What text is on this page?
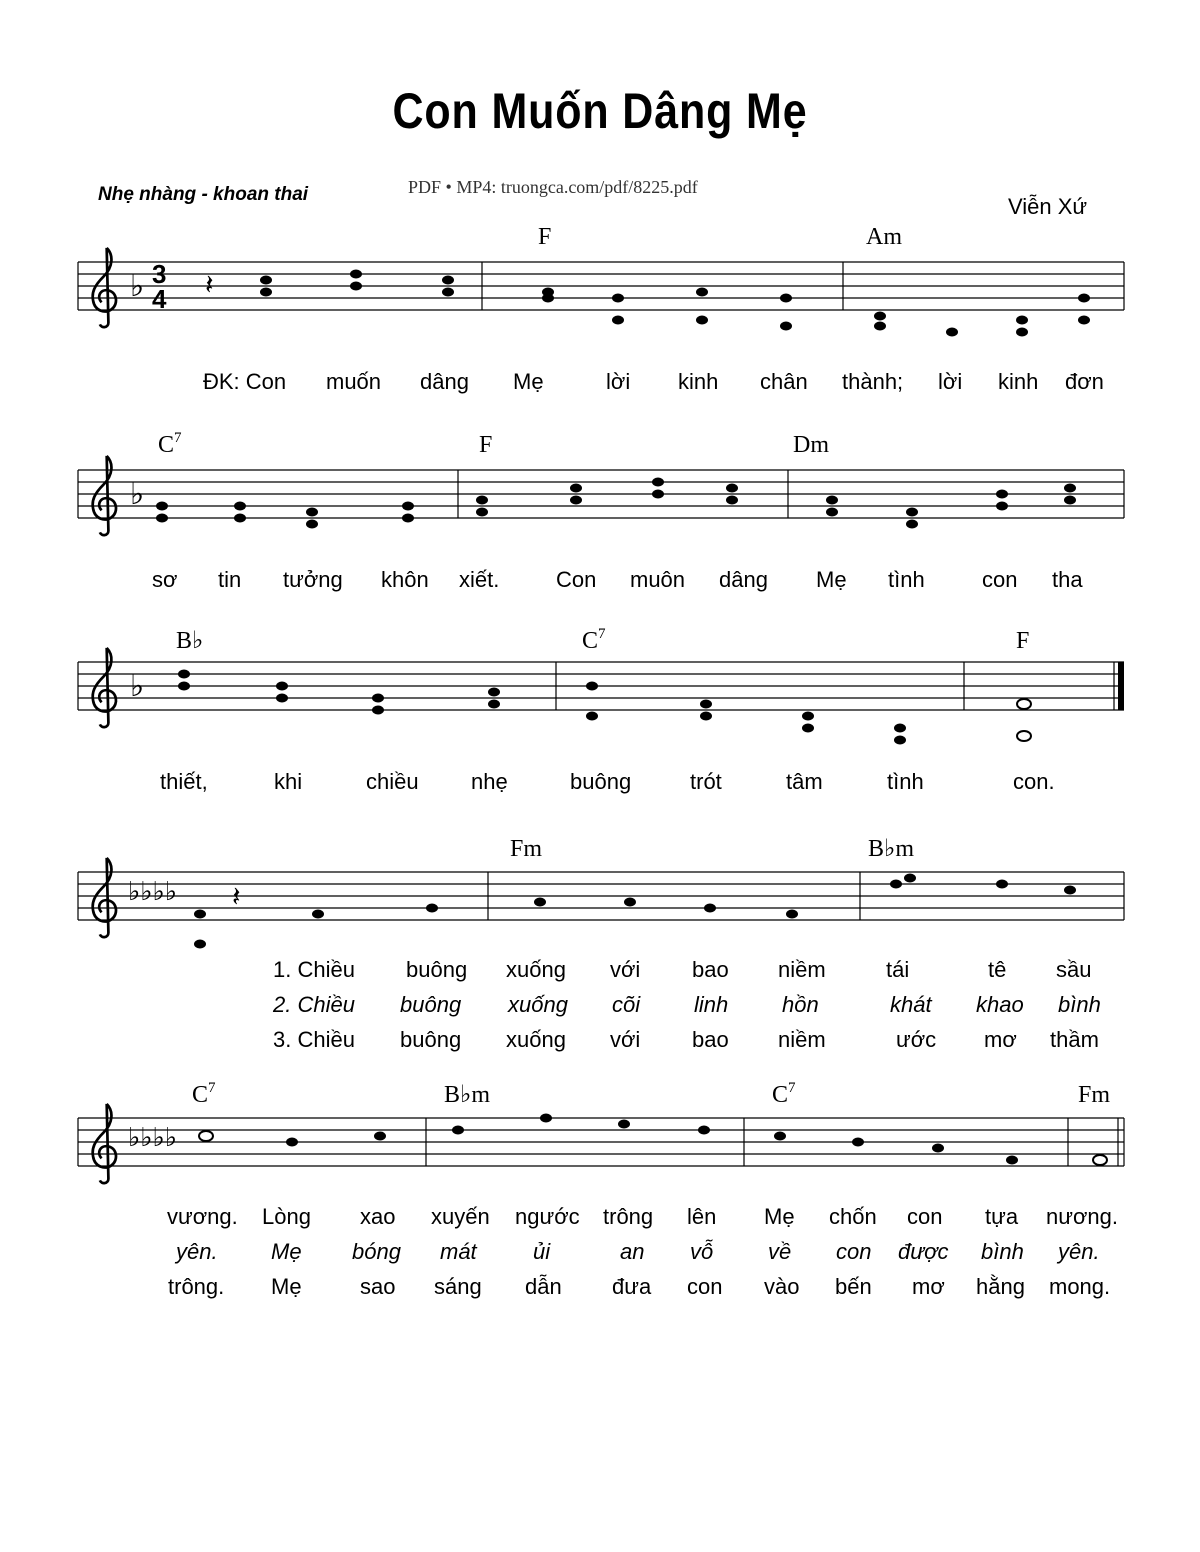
Con Muốn Dâng Mẹ
Nhẹ nhàng - khoan thai	PDF • MP4: truongca.com/pdf/8225.pdf
Viễn Xứ
♭ 3
4 𝄽
F	Am
ĐK: Con muốn dâng Mẹ	lời kinh chân thành; lời kinh đơn
♭
$C^7$	F	Dm
sơ tin tưởng khôn xiết.	Con muôn dâng Mẹ tình	con tha
♭
B♭	$C^7$	F
thiết,	khi	chiều nhẹ	buông	trót	tâm	tình	con.
♭♭♭♭ 𝄽
Fm	B♭m
1. Chiều buông xuống với bao niềm	tái	tê sầu
2. Chiều buông xuống cõi linh hồn	khát khao bình
3. Chiều buông xuống với bao niềm	ước mơ thầm
♭♭♭♭
$C^7$	B♭m	$C^7$	Fm
vương. Lòng xao xuyến ngước trông lên Mẹ chốn con tựa nương.
yên. Mẹ bóng mát	ủi	an vỗ về con được bình yên.
trông. Mẹ	sao sáng dẫn đưa con vào bến mơ hằng mong.
